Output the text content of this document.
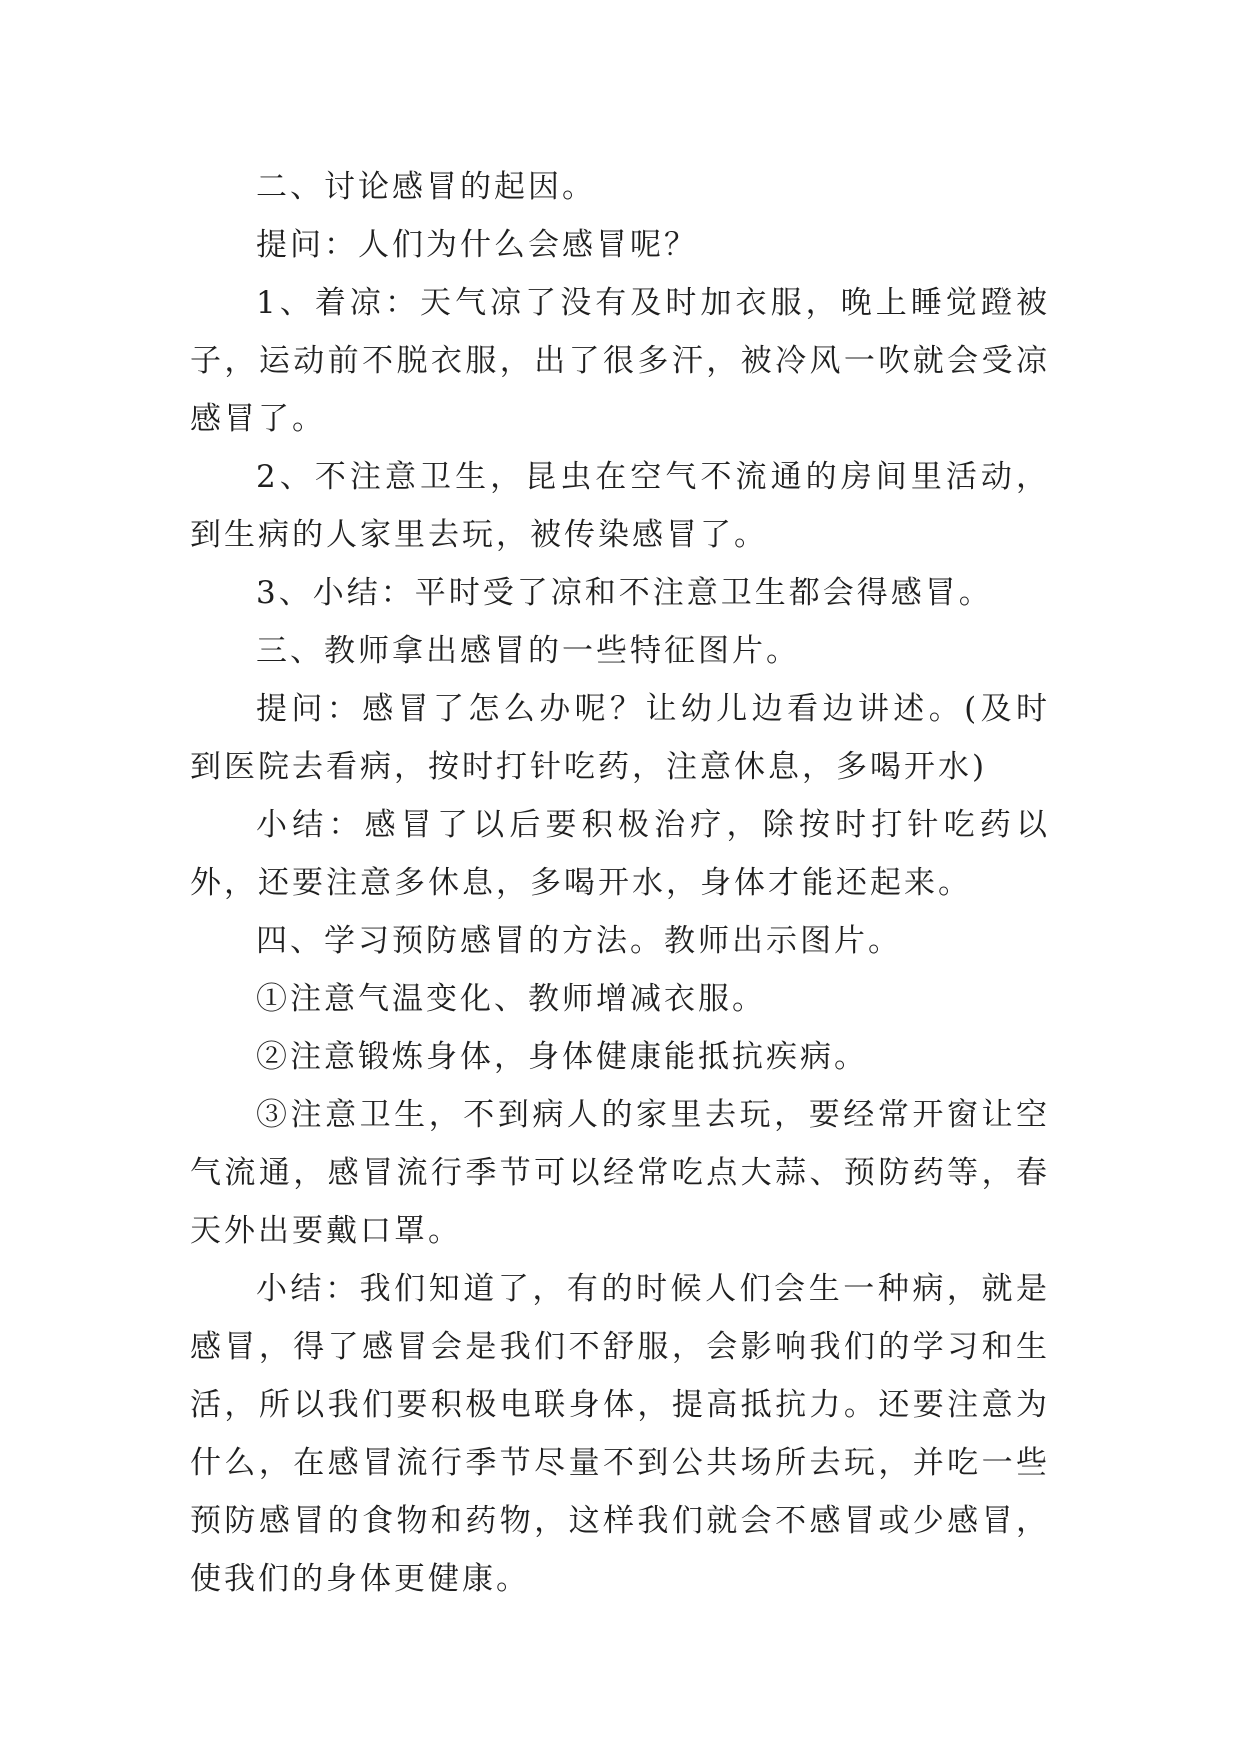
二、讨论感冒的起因。

提问：人们为什么会感冒呢？

1、着凉：天气凉了没有及时加衣服，晚上睡觉蹬被子，运动前不脱衣服，出了很多汗，被冷风一吹就会受凉感冒了。

2、不注意卫生，昆虫在空气不流通的房间里活动，到生病的人家里去玩，被传染感冒了。

3、小结：平时受了凉和不注意卫生都会得感冒。

三、教师拿出感冒的一些特征图片。

提问：感冒了怎么办呢？让幼儿边看边讲述。(及时到医院去看病，按时打针吃药，注意休息，多喝开水)

小结：感冒了以后要积极治疗，除按时打针吃药以外，还要注意多休息，多喝开水，身体才能还起来。

四、学习预防感冒的方法。教师出示图片。

①注意气温变化、教师增减衣服。

②注意锻炼身体，身体健康能抵抗疾病。

③注意卫生，不到病人的家里去玩，要经常开窗让空气流通，感冒流行季节可以经常吃点大蒜、预防药等，春天外出要戴口罩。

小结：我们知道了，有的时候人们会生一种病，就是感冒，得了感冒会是我们不舒服，会影响我们的学习和生活，所以我们要积极电联身体，提高抵抗力。还要注意为什么，在感冒流行季节尽量不到公共场所去玩，并吃一些预防感冒的食物和药物，这样我们就会不感冒或少感冒，使我们的身体更健康。
